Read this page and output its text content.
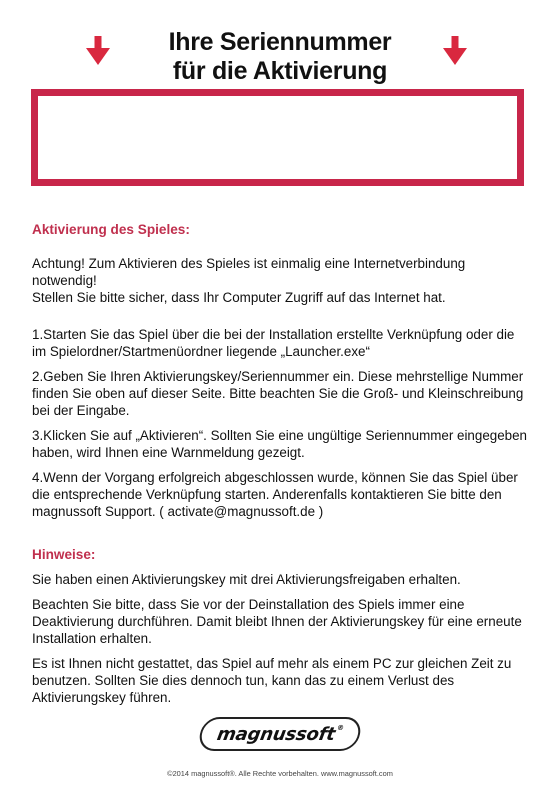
Ihre Seriennummer
für die Aktivierung

Aktivierung des Spieles:

Achtung! Zum Aktivieren des Spieles ist einmalig eine Internetverbindung notwendig!

Stellen Sie bitte sicher, dass Ihr Computer Zugriff auf das Internet hat.

1.Starten Sie das Spiel über die bei der Installation erstellte Verknüpfung oder die im Spielordner/Startmenüordner liegende „Launcher.exe“

2.Geben Sie Ihren Aktivierungskey/Seriennummer ein. Diese mehrstellige Nummer finden Sie oben auf dieser Seite. Bitte beachten Sie die Groß- und Kleinschreibung bei der Eingabe.

3.Klicken Sie auf „Aktivieren“. Sollten Sie eine ungültige Seriennummer eingegeben haben, wird Ihnen eine Warnmeldung gezeigt.

4.Wenn der Vorgang erfolgreich abgeschlossen wurde, können Sie das Spiel über die entsprechende Verknüpfung starten. Anderenfalls kontaktieren Sie bitte den magnussoft Support. ( activate@magnussoft.de )

Hinweise:

Sie haben einen Aktivierungskey mit drei Aktivierungsfreigaben erhalten.

Beachten Sie bitte, dass Sie vor der Deinstallation des Spiels immer eine Deaktivierung durchführen. Damit bleibt Ihnen der Aktivierungskey für eine erneute Installation erhalten.

Es ist Ihnen nicht gestattet, das Spiel auf mehr als einem PC zur gleichen Zeit zu benutzen. Sollten Sie dies dennoch tun, kann das zu einem Verlust des Aktivierungskey führen.

magnussoft®
©2014 magnussoft®. Alle Rechte vorbehalten. www.magnussoft.com
